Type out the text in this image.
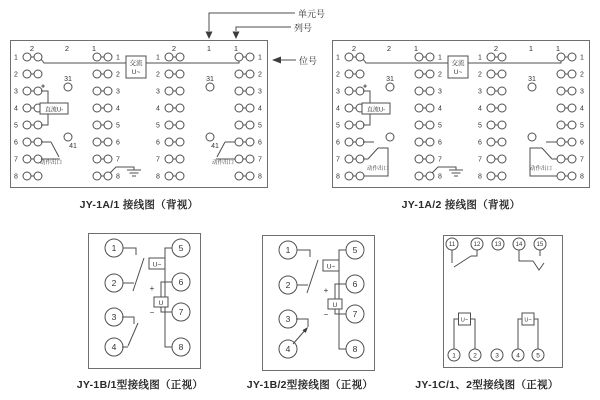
单元号
列号
位号
2	2	1
1	1
2	2
3	3
4	4
5	5
6	6
7	7
8	8
31
41
2	1	1
1	1
2	2
3	3
4	4
5	5
6	6
7	7
8	8
31
41
+
直流U-
交流
U~
动作出口	动作出口
2	2	1
1	1
2	2
3	3
4	4
5	5
6	6
7	7
8	8
31
2	1	1
1	1
2	2
3	3
4	4
5	5
6	6
7	7
8	8
31
+
直流U-
交流
U~
动作出口	动作出口
1
2
3
4
5
6
7
8
U~
U
+
−
1
2
3
4
5
6
7
8
U~
U
+
−
11	12 13 14 15
1	2	3	4	5
U~	U~
JY-1A/1 接线图（背视）	JY-1A/2 接线图（背视）
JY-1B/1型接线图（正视）	JY-1B/2型接线图（正视）	JY-1C/1、2型接线图（正视）
